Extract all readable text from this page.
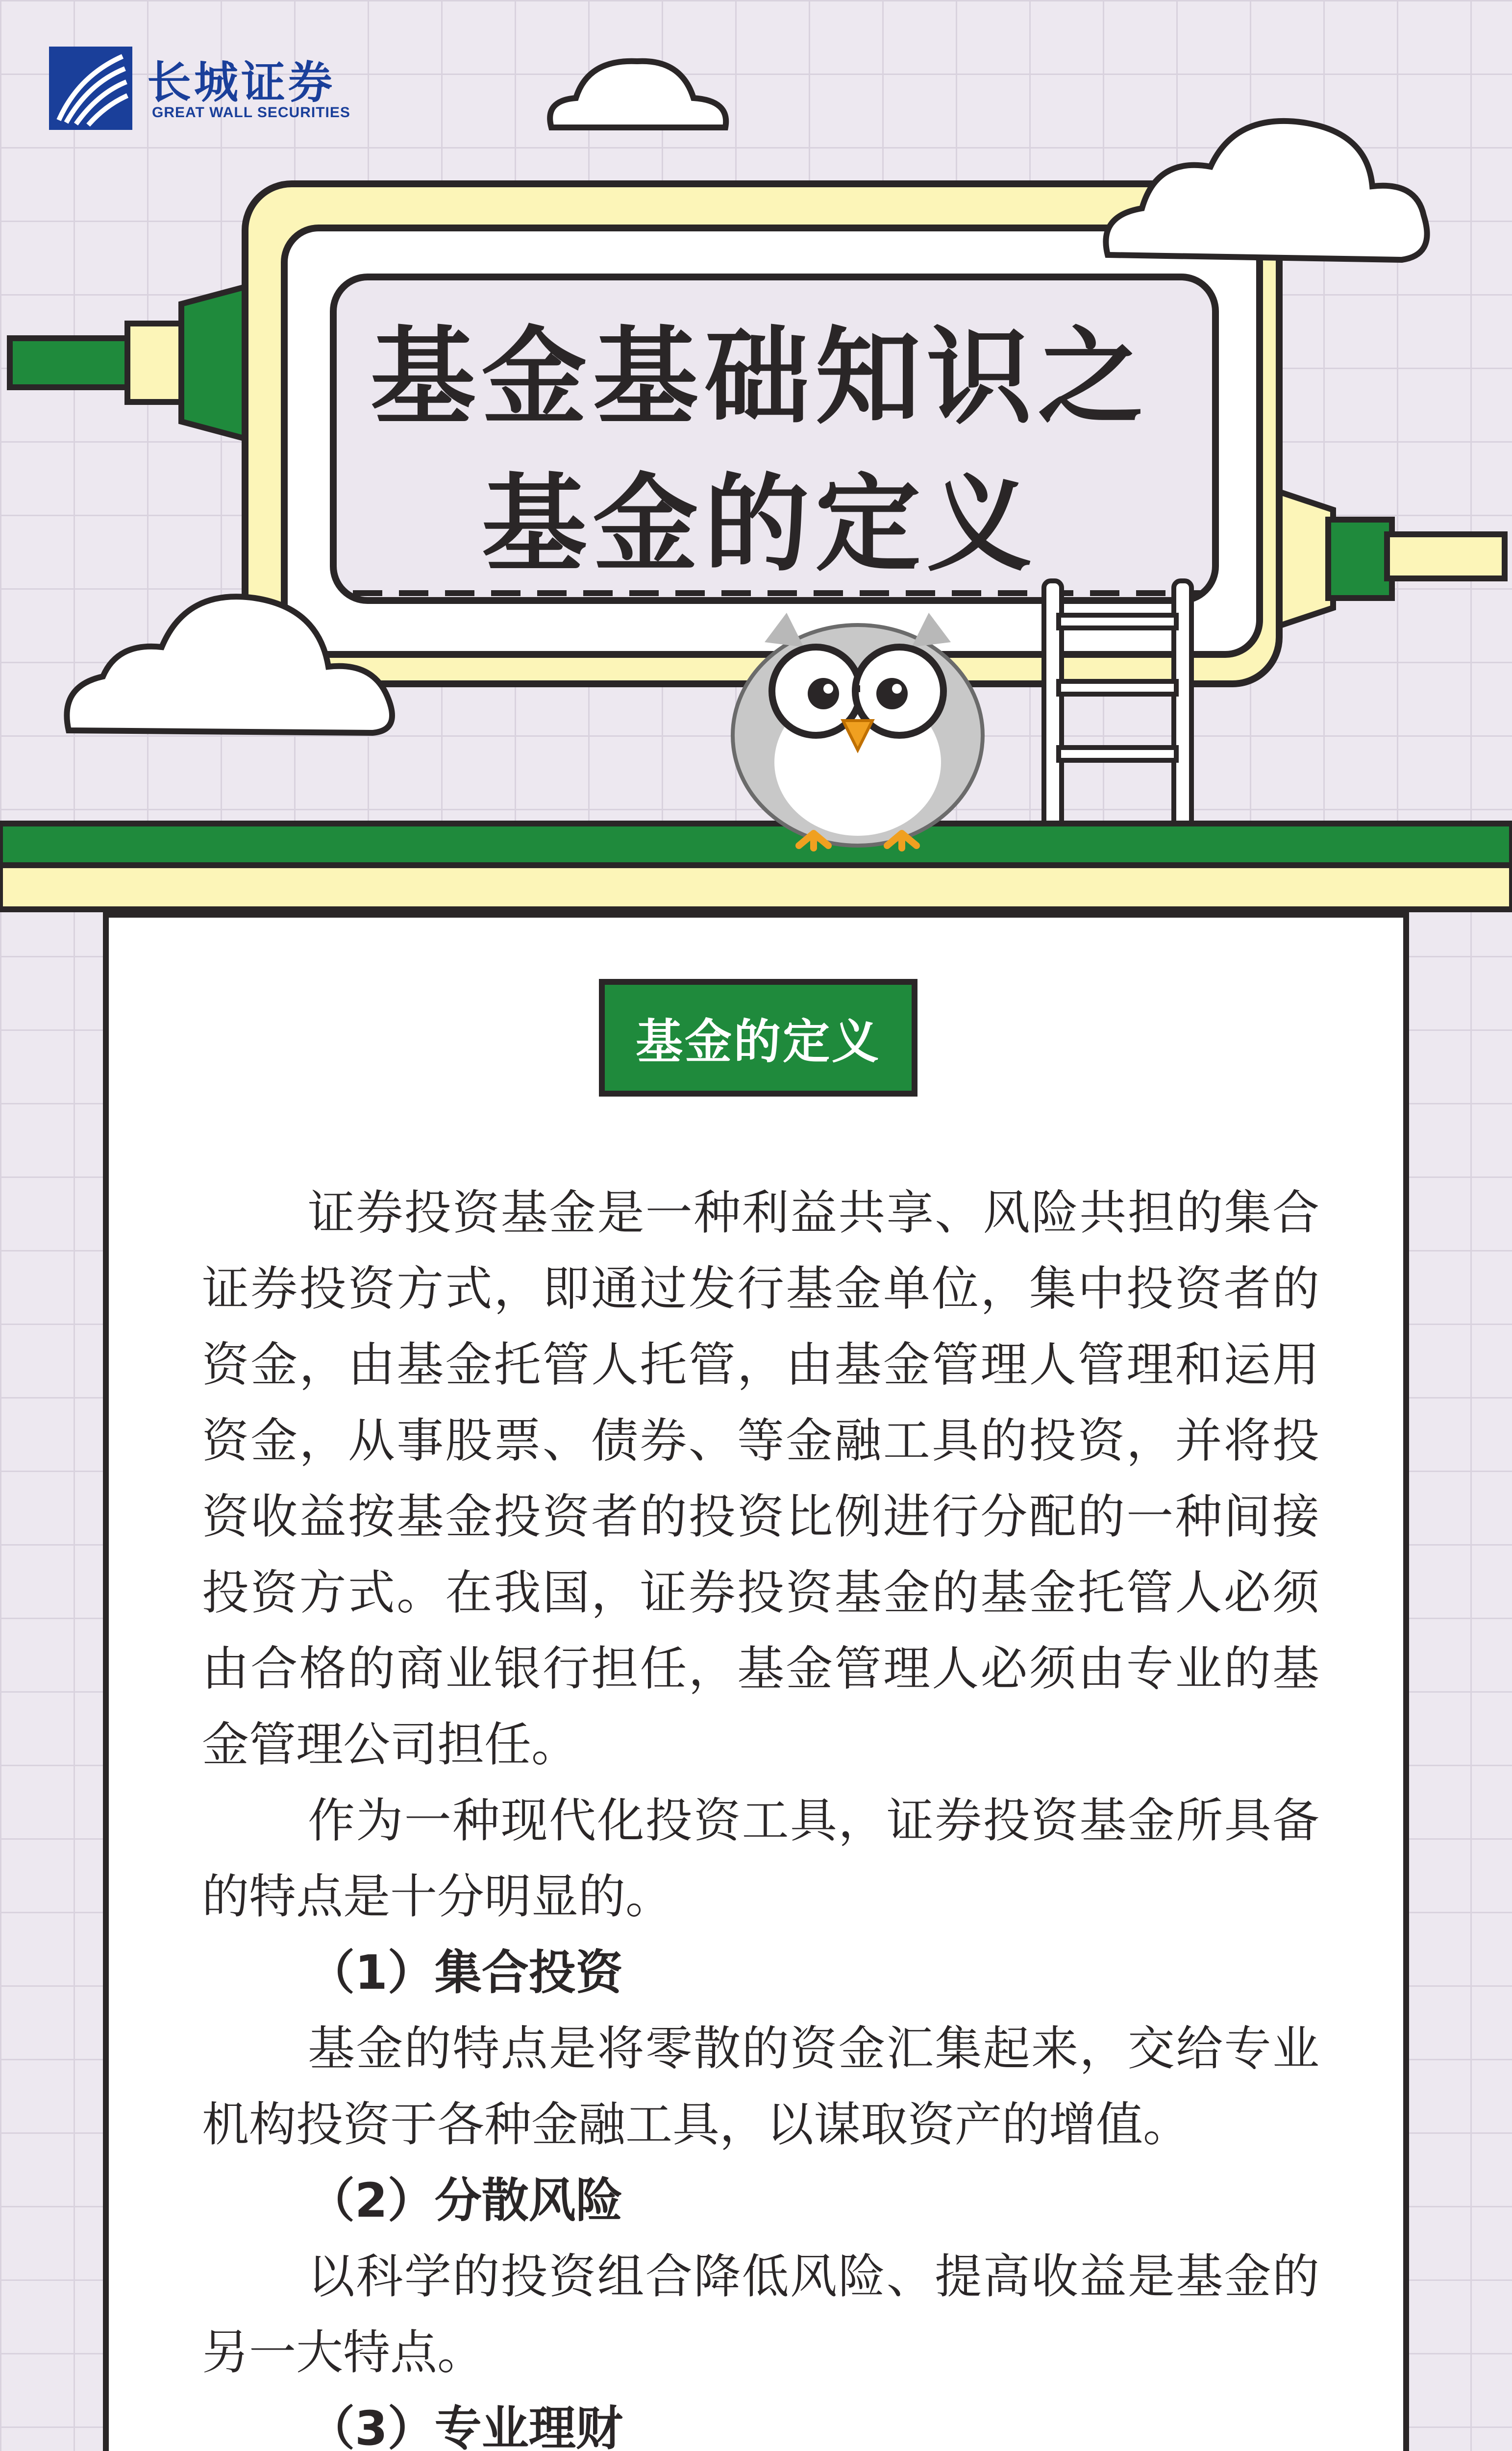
长城证券
GREAT WALL SECURITIES
基金基础知识之
基金的定义
基金的定义

证券投资基金是一种利益共享、风险共担的集合证券投资方式，即通过发行基金单位，集中投资者的资金，由基金托管人托管，由基金管理人管理和运用资金，从事股票、债券、等金融工具的投资，并将投资收益按基金投资者的投资比例进行分配的一种间接投资方式。在我国，证券投资基金的基金托管人必须由合格的商业银行担任，基金管理人必须由专业的基金管理公司担任。

作为一种现代化投资工具，证券投资基金所具备的特点是十分明显的。

（1）集合投资

基金的特点是将零散的资金汇集起来，交给专业机构投资于各种金融工具，以谋取资产的增值。

（2）分散风险

以科学的投资组合降低风险、提高收益是基金的另一大特点。

（3）专业理财
